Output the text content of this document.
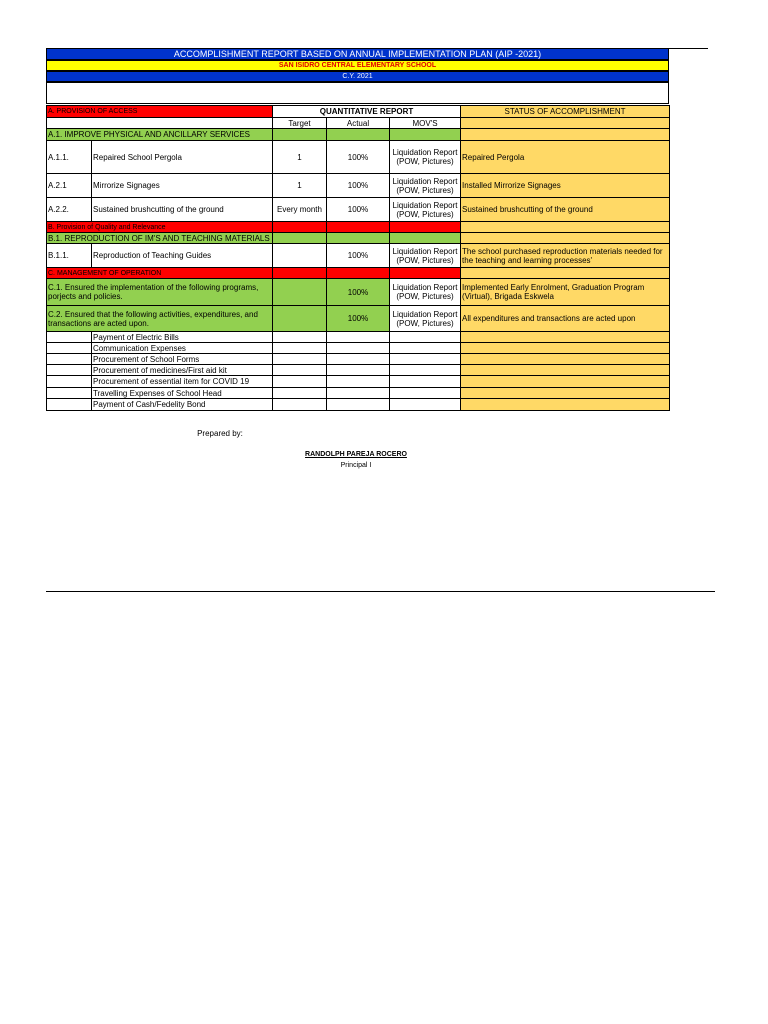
ACCOMPLISHMENT REPORT BASED ON ANNUAL IMPLEMENTATION PLAN (AIP -2021)
SAN ISIDRO CENTRAL ELEMENTARY SCHOOL
C.Y. 2021
A. PROVISION OF ACCESS		QUANTITATIVE REPORT			STATUS OF ACCOMPLISHMENT
		Target	Actual	MOV'S	
A.1. IMPROVE PHYSICAL AND ANCILLARY SERVICES					
A.1.1.	Repaired School Pergola	1	100%	Liquidation Report (POW, Pictures)	Repaired Pergola
A.2.1	Mirrorize Signages	1	100%	Liquidation Report (POW, Pictures)	Installed Mirrorize Signages
A.2.2.	Sustained brushcutting of the ground	Every month	100%	Liquidation Report (POW, Pictures)	Sustained brushcutting of the ground
B. Provision of Quality and Relevance					
B.1. REPRODUCTION OF IM'S AND TEACHING MATERIALS					
B.1.1.	Reproduction of Teaching Guides		100%	Liquidation Report (POW, Pictures)	The school purchased reproduction materials needed for the teaching and learning processes'
C. MANAGEMENT OF OPERATION					
C.1. Ensured the implementation of the following programs, porjects and policies.			100%	Liquidation Report (POW, Pictures)	Implemented Early Enrolment, Graduation Program (Virtual), Brigada Eskwela
C.2. Ensured that the following activities, expenditures, and transactions are acted upon.			100%	Liquidation Report (POW, Pictures)	All expenditures and transactions are acted upon
	Payment of Electric Bills				
	Communication Expenses				
	Procurement of School Forms				
	Procurement of medicines/First aid kit				
	Procurement of essential item for COVID 19				
	Travelling Expenses of School Head				
	Payment of Cash/Fedelity Bond				
Prepared by:
RANDOLPH PAREJA ROCERO
Principal I
